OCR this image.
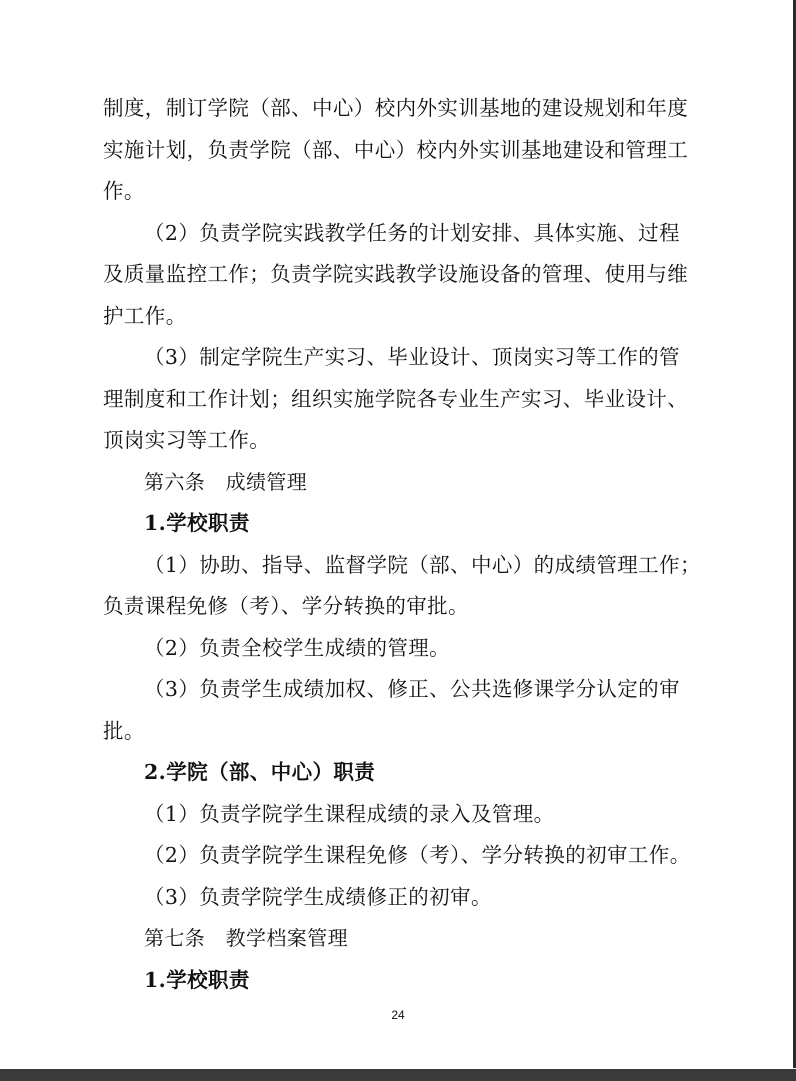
制度，制订学院（部、中心）校内外实训基地的建设规划和年度
实施计划，负责学院（部、中心）校内外实训基地建设和管理工
作。
（2）负责学院实践教学任务的计划安排、具体实施、过程
及质量监控工作；负责学院实践教学设施设备的管理、使用与维
护工作。
（3）制定学院生产实习、毕业设计、顶岗实习等工作的管
理制度和工作计划；组织实施学院各专业生产实习、毕业设计、
顶岗实习等工作。
第六条　成绩管理
1.学校职责
（1）协助、指导、监督学院（部、中心）的成绩管理工作；
负责课程免修（考）、学分转换的审批。
（2）负责全校学生成绩的管理。
（3）负责学生成绩加权、修正、公共选修课学分认定的审
批。
2.学院（部、中心）职责
（1）负责学院学生课程成绩的录入及管理。
（2）负责学院学生课程免修（考）、学分转换的初审工作。
（3）负责学院学生成绩修正的初审。
第七条　教学档案管理
1.学校职责
24
